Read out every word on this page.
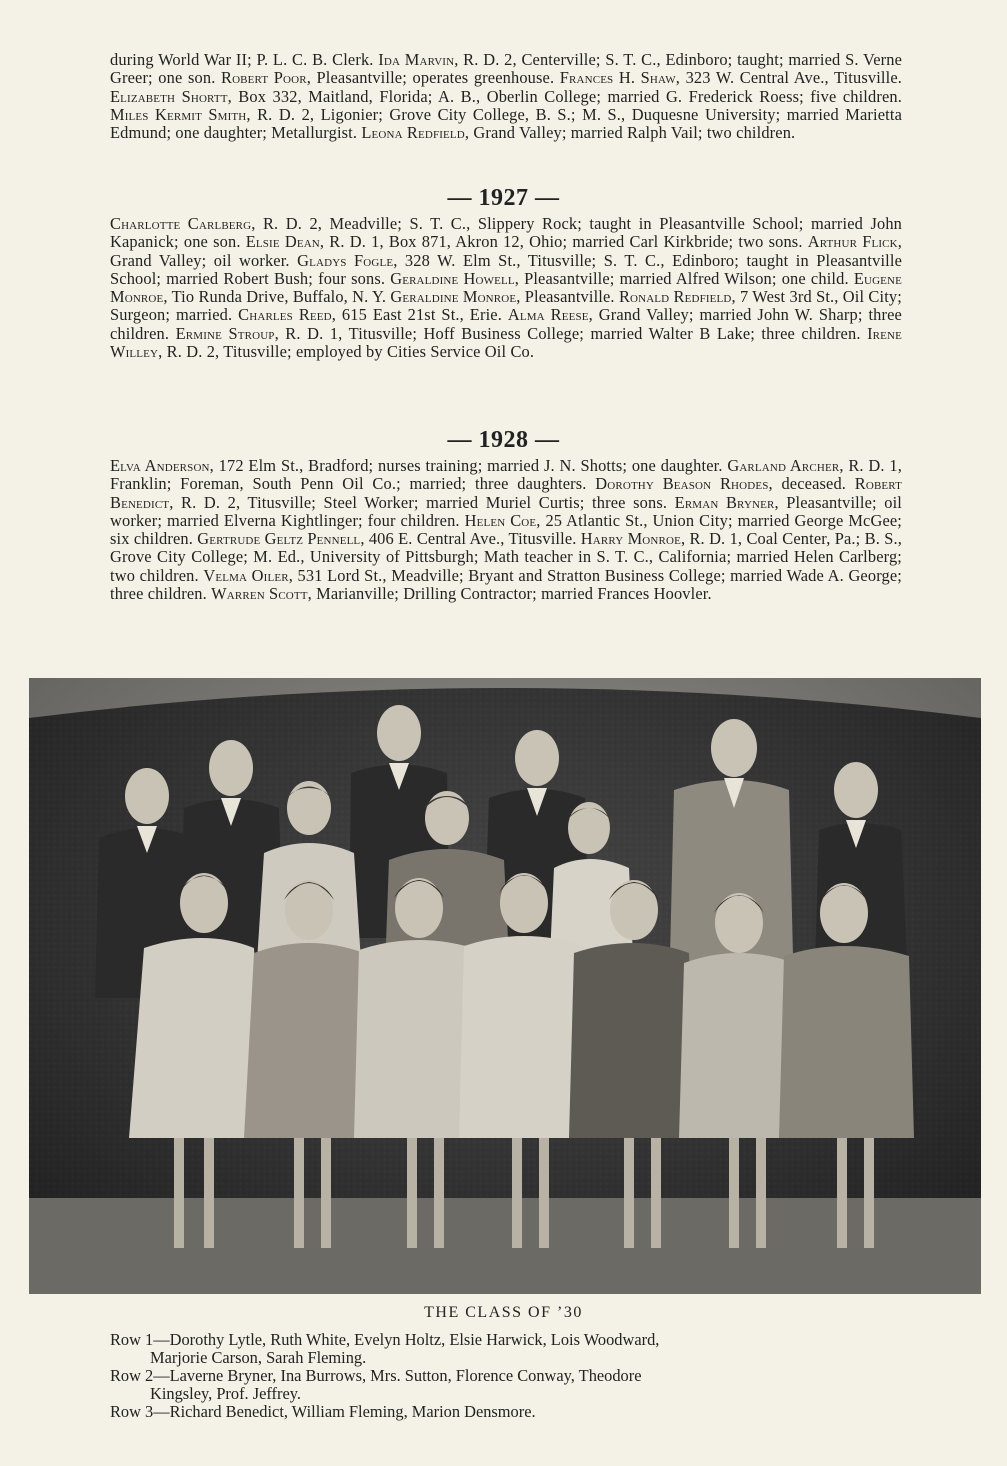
during World War II; P. L. C. B. Clerk. Ida Marvin, R. D. 2, Centerville; S. T. C., Edinboro; taught; married S. Verne Greer; one son. Robert Poor, Pleasantville; operates greenhouse. Frances H. Shaw, 323 W. Central Ave., Titusville. Elizabeth Shortt, Box 332, Maitland, Florida; A. B., Oberlin College; married G. Frederick Roess; five children. Miles Kermit Smith, R. D. 2, Ligonier; Grove City College, B. S.; M. S., Duquesne University; married Marietta Edmund; one daughter; Metallurgist. Leona Redfield, Grand Valley; married Ralph Vail; two children.
— 1927 —
Charlotte Carlberg, R. D. 2, Meadville; S. T. C., Slippery Rock; taught in Pleasantville School; married John Kapanick; one son. Elsie Dean, R. D. 1, Box 871, Akron 12, Ohio; married Carl Kirkbride; two sons. Arthur Flick, Grand Valley; oil worker. Gladys Fogle, 328 W. Elm St., Titusville; S. T. C., Edinboro; taught in Pleasantville School; married Robert Bush; four sons. Geraldine Howell, Pleasantville; married Alfred Wilson; one child. Eugene Monroe, Tio Runda Drive, Buffalo, N. Y. Geraldine Monroe, Pleasantville. Ronald Redfield, 7 West 3rd St., Oil City; Surgeon; married. Charles Reed, 615 East 21st St., Erie. Alma Reese, Grand Valley; married John W. Sharp; three children. Ermine Stroup, R. D. 1, Titusville; Hoff Business College; married Walter B Lake; three children. Irene Willey, R. D. 2, Titusville; employed by Cities Service Oil Co.
— 1928 —
Elva Anderson, 172 Elm St., Bradford; nurses training; married J. N. Shotts; one daughter. Garland Archer, R. D. 1, Franklin; Foreman, South Penn Oil Co.; married; three daughters. Dorothy Beason Rhodes, deceased. Robert Benedict, R. D. 2, Titusville; Steel Worker; married Muriel Curtis; three sons. Erman Bryner, Pleasantville; oil worker; married Elverna Kightlinger; four children. Helen Coe, 25 Atlantic St., Union City; married George McGee; six children. Gertrude Geltz Pennell, 406 E. Central Ave., Titusville. Harry Monroe, R. D. 1, Coal Center, Pa.; B. S., Grove City College; M. Ed., University of Pittsburgh; Math teacher in S. T. C., California; married Helen Carlberg; two children. Velma Oiler, 531 Lord St., Meadville; Bryant and Stratton Business College; married Wade A. George; three children. Warren Scott, Marianville; Drilling Contractor; married Frances Hoovler.
THE CLASS OF ’30
Row 1—Dorothy Lytle, Ruth White, Evelyn Holtz, Elsie Harwick, Lois Woodward,
Marjorie Carson, Sarah Fleming.
Row 2—Laverne Bryner, Ina Burrows, Mrs. Sutton, Florence Conway, Theodore
Kingsley, Prof. Jeffrey.
Row 3—Richard Benedict, William Fleming, Marion Densmore.
